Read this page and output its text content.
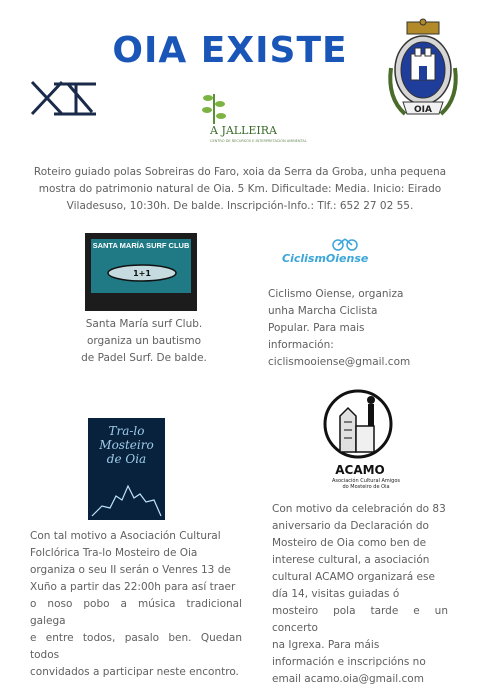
OIA EXISTE
OIA
A JALLEIRA
CENTRO DE RECURSOS E INTERPRETACIÓN AMBIENTAL
Roteiro guiado polas Sobreiras do Faro, xoia da Serra da Groba, unha pequena
mostra do patrimonio natural de Oia. 5 Km. Dificultade: Media. Inicio: Eirado
Viladesuso, 10:30h. De balde. Inscripción-Info.: Tlf.: 652 27 02 55.
SANTA MARÍA SURF CLUB
1+1
Santa María surf Club.
organiza un bautismo
de Padel Surf. De balde.
CiclismOiense
Ciclismo Oiense, organiza
unha Marcha Ciclista
Popular. Para mais
información:
ciclismooiense@gmail.com
ACAMO
Asociación Cultural Amigos do Mosteiro de Oia
Tra-lo
Mosteiro
de Oia
Con motivo da celebración do 83
aniversario da Declaración do
Mosteiro de Oia como ben de
interese cultural, a asociación
cultural ACAMO organizará ese
día 14, visitas guiadas ó
mosteiro pola tarde e un concerto
na Igrexa. Para máis
información e inscripcións no
email acamo.oia@gmail.com
Con tal motivo a Asociación Cultural
Folclórica Tra-lo Mosteiro de Oia
organiza o seu II serán o Venres 13 de
Xuño a partir das 22:00h para así traer
o noso pobo a música tradicional galega
e entre todos, pasalo ben. Quedan todos
convidados a participar neste encontro.
